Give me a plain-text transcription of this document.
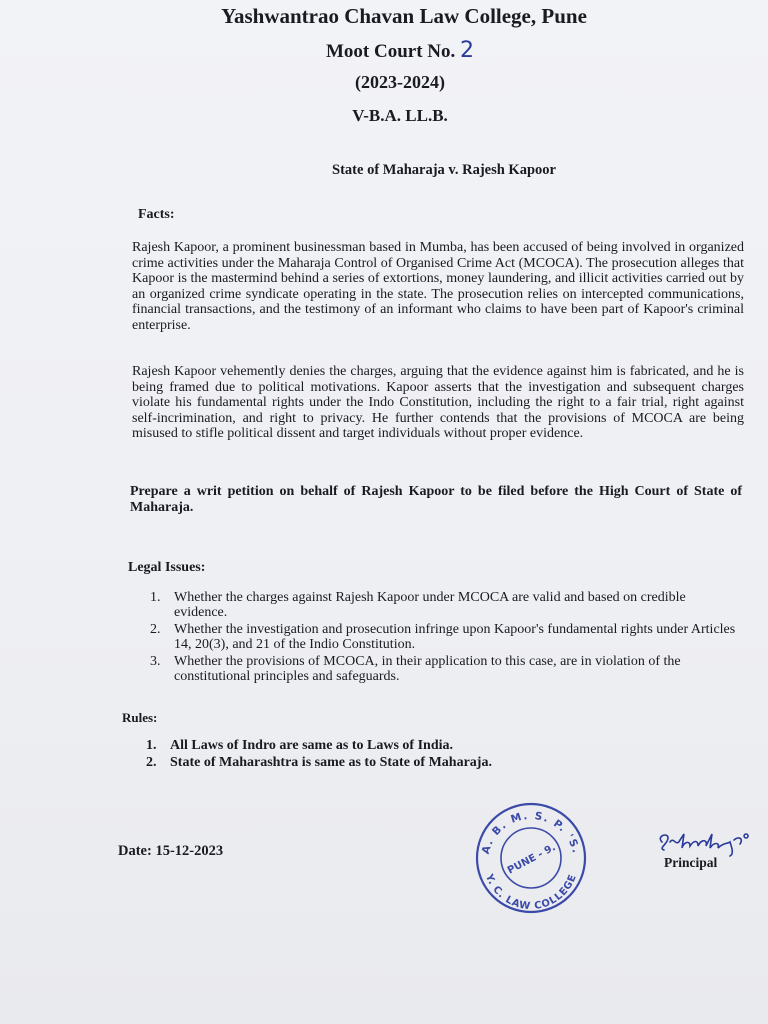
Yashwantrao Chavan Law College, Pune
Moot Court No. 2
(2023-2024)
V-B.A. LL.B.
State of Maharaja v. Rajesh Kapoor
Facts:
Rajesh Kapoor, a prominent businessman based in Mumba, has been accused of being involved in organized crime activities under the Maharaja Control of Organised Crime Act (MCOCA). The prosecution alleges that Kapoor is the mastermind behind a series of extortions, money laundering, and illicit activities carried out by an organized crime syndicate operating in the state. The prosecution relies on intercepted communications, financial transactions, and the testimony of an informant who claims to have been part of Kapoor's criminal enterprise.
Rajesh Kapoor vehemently denies the charges, arguing that the evidence against him is fabricated, and he is being framed due to political motivations. Kapoor asserts that the investigation and subsequent charges violate his fundamental rights under the Indo Constitution, including the right to a fair trial, right against self-incrimination, and right to privacy. He further contends that the provisions of MCOCA are being misused to stifle political dissent and target individuals without proper evidence.
Prepare a writ petition on behalf of Rajesh Kapoor to be filed before the High Court of State of Maharaja.
Legal Issues:
1. Whether the charges against Rajesh Kapoor under MCOCA are valid and based on credible evidence.
2. Whether the investigation and prosecution infringe upon Kapoor's fundamental rights under Articles 14, 20(3), and 21 of the Indio Constitution.
3. Whether the provisions of MCOCA, in their application to this case, are in violation of the constitutional principles and safeguards.
Rules:
1. All Laws of Indro are same as to Laws of India.
2. State of Maharashtra is same as to State of Maharaja.
Date: 15-12-2023	A. B. M. S. P. 'S.
Y. C. LAW COLLEGE
PUNE - 9.	Principal
